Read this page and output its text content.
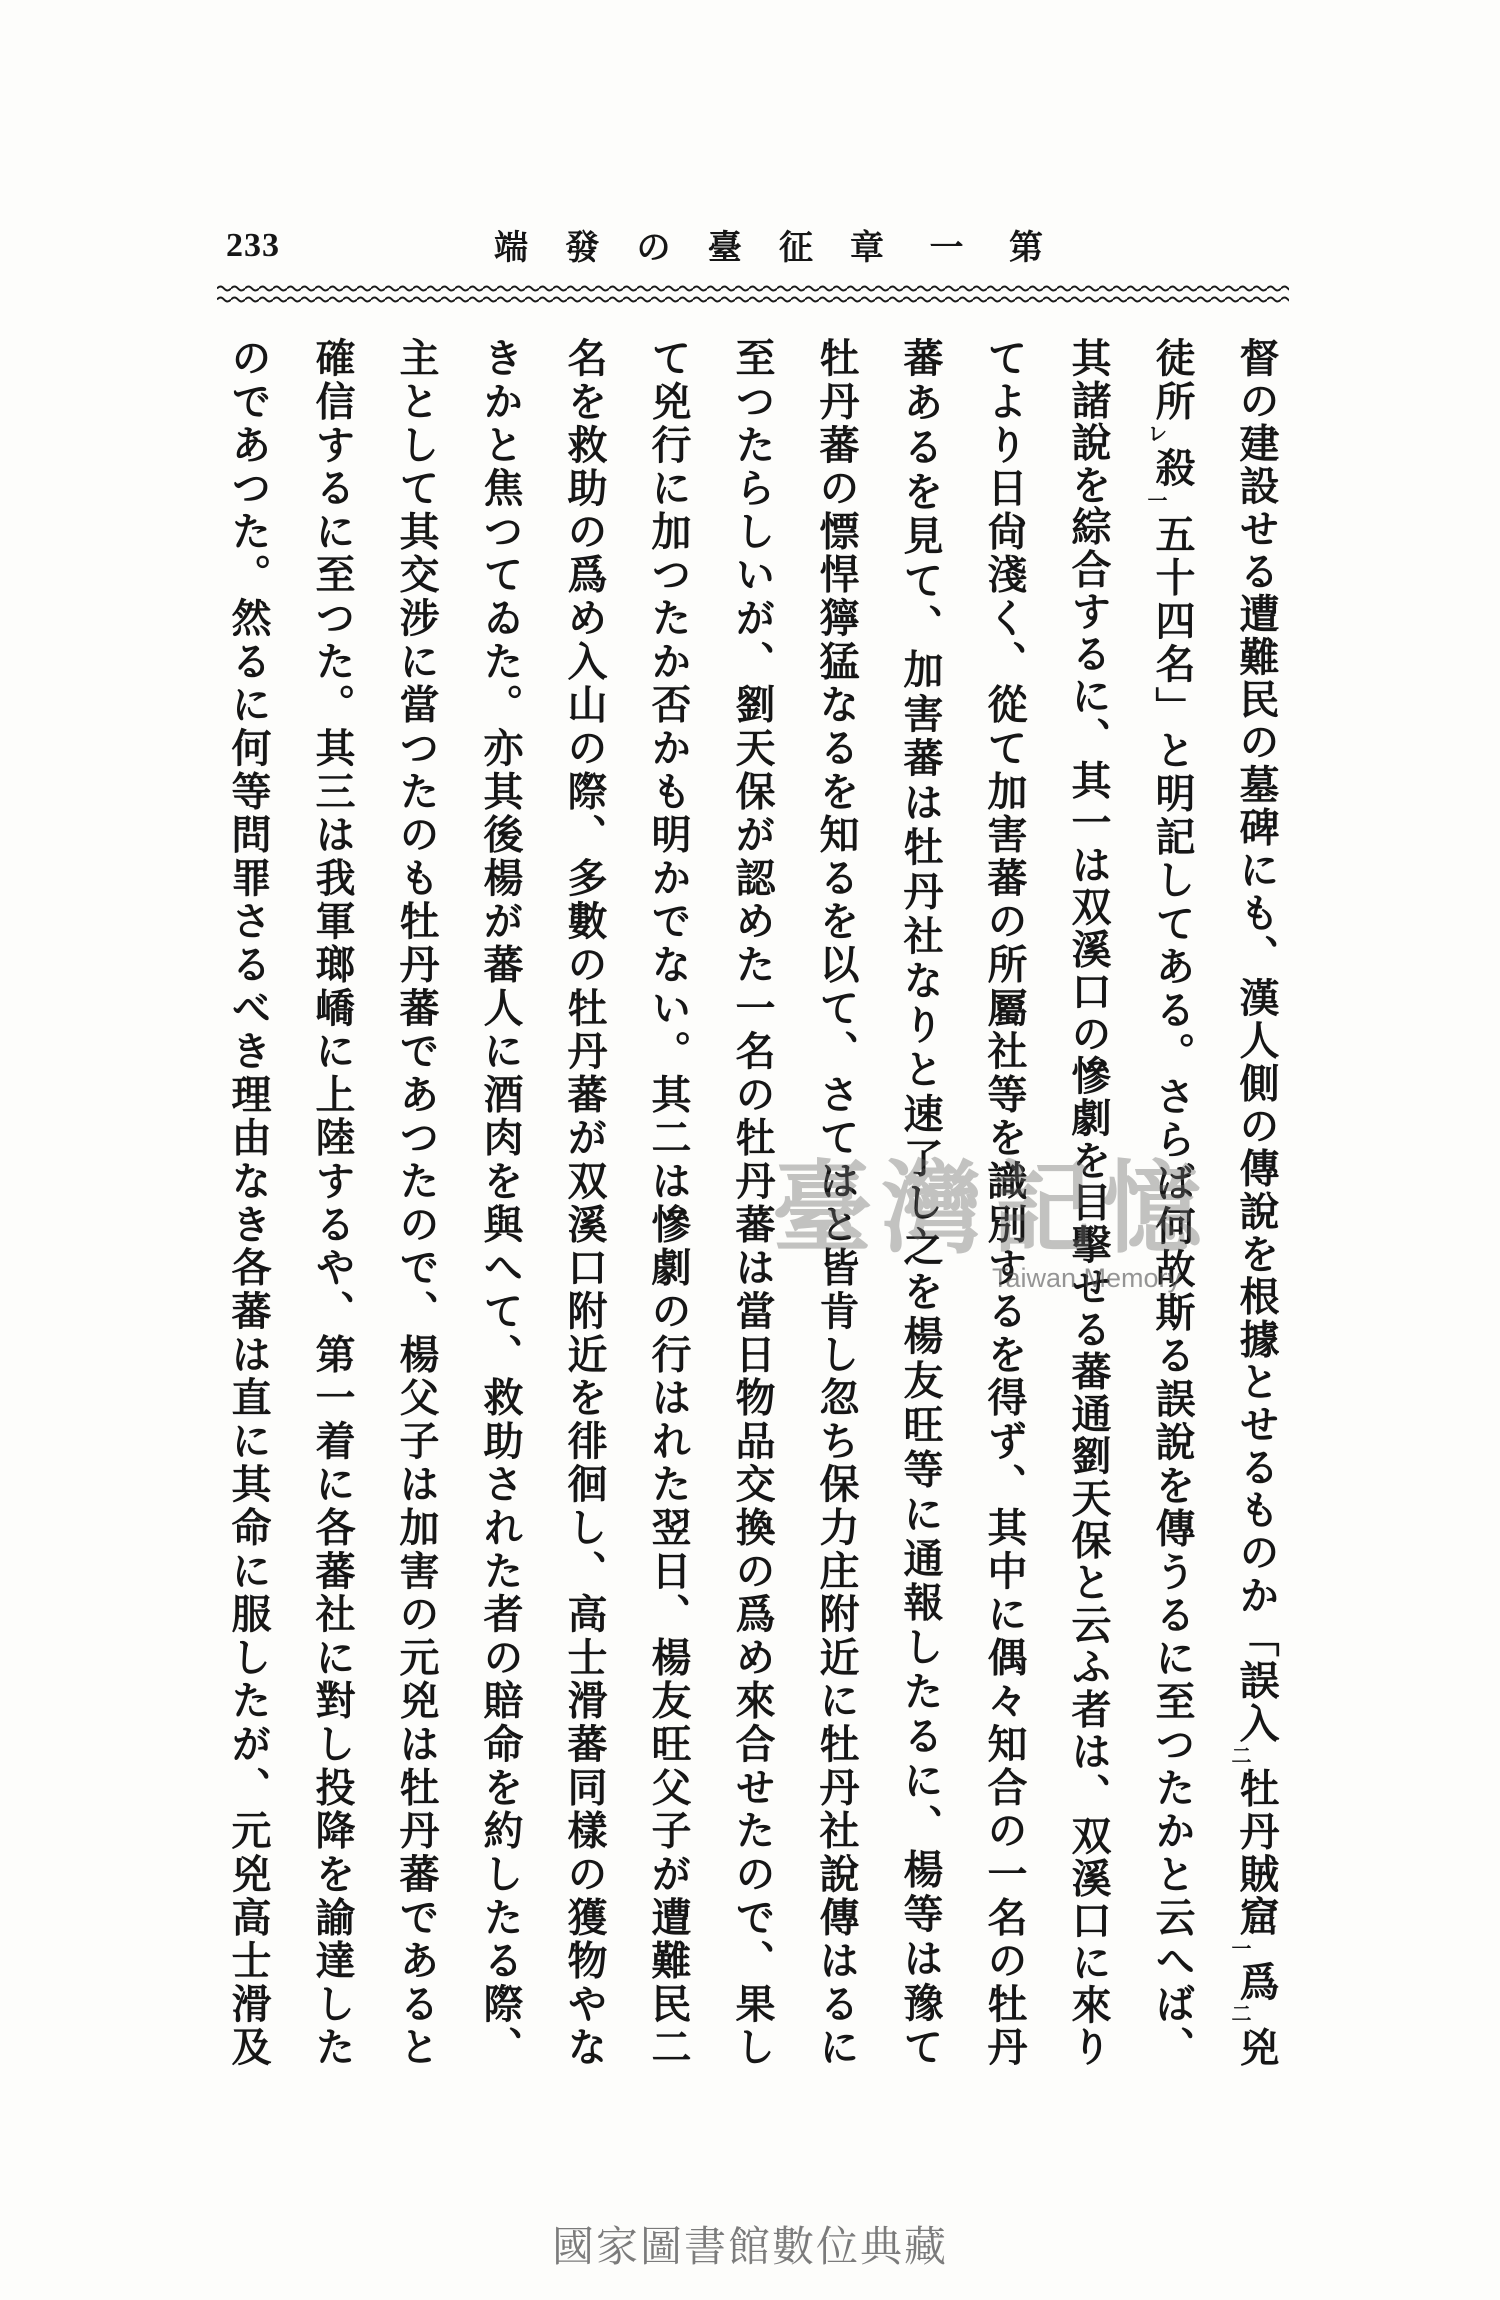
233	征臺の發端 第一章
督の建設せる遭難民の墓碑にも、漢人側の傳說を根據とせるものか「誤入二牡丹賊窟一爲二兇
徒所レ殺一五十四名」と明記してある。さらば何故斯る誤說を傳うるに至つたかと云へば、
其諸說を綜合するに、其一は双溪口の慘劇を目擊せる蕃通劉天保と云ふ者は、双溪口に來り
てより日尙淺く、從て加害蕃の所屬社等を識別するを得ず、其中に偶々知合の一名の牡丹
蕃あるを見て、加害蕃は牡丹社なりと速了し之を楊友旺等に通報したるに、楊等は豫て
牡丹蕃の慓悍獰猛なるを知るを以て、さてはと皆肯し忽ち保力庄附近に牡丹社說傳はるに
至つたらしいが、劉天保が認めた一名の牡丹蕃は當日物品交換の爲め來合せたので、果し
て兇行に加つたか否かも明かでない。其二は慘劇の行はれた翌日、楊友旺父子が遭難民二
名を救助の爲め入山の際、多數の牡丹蕃が双溪口附近を徘徊し、高士滑蕃同樣の獲物やな
きかと焦つてゐた。亦其後楊が蕃人に酒肉を與へて、救助された者の賠命を約したる際、
主として其交涉に當つたのも牡丹蕃であつたので、楊父子は加害の元兇は牡丹蕃であると
確信するに至つた。其三は我軍瑯嶠に上陸するや、第一着に各蕃社に對し投降を諭達した
のであつた。然るに何等問罪さるべき理由なき各蕃は直に其命に服したが、元兇高士滑及	臺灣記憶
Taiwan Memory
國家圖書館數位典藏
